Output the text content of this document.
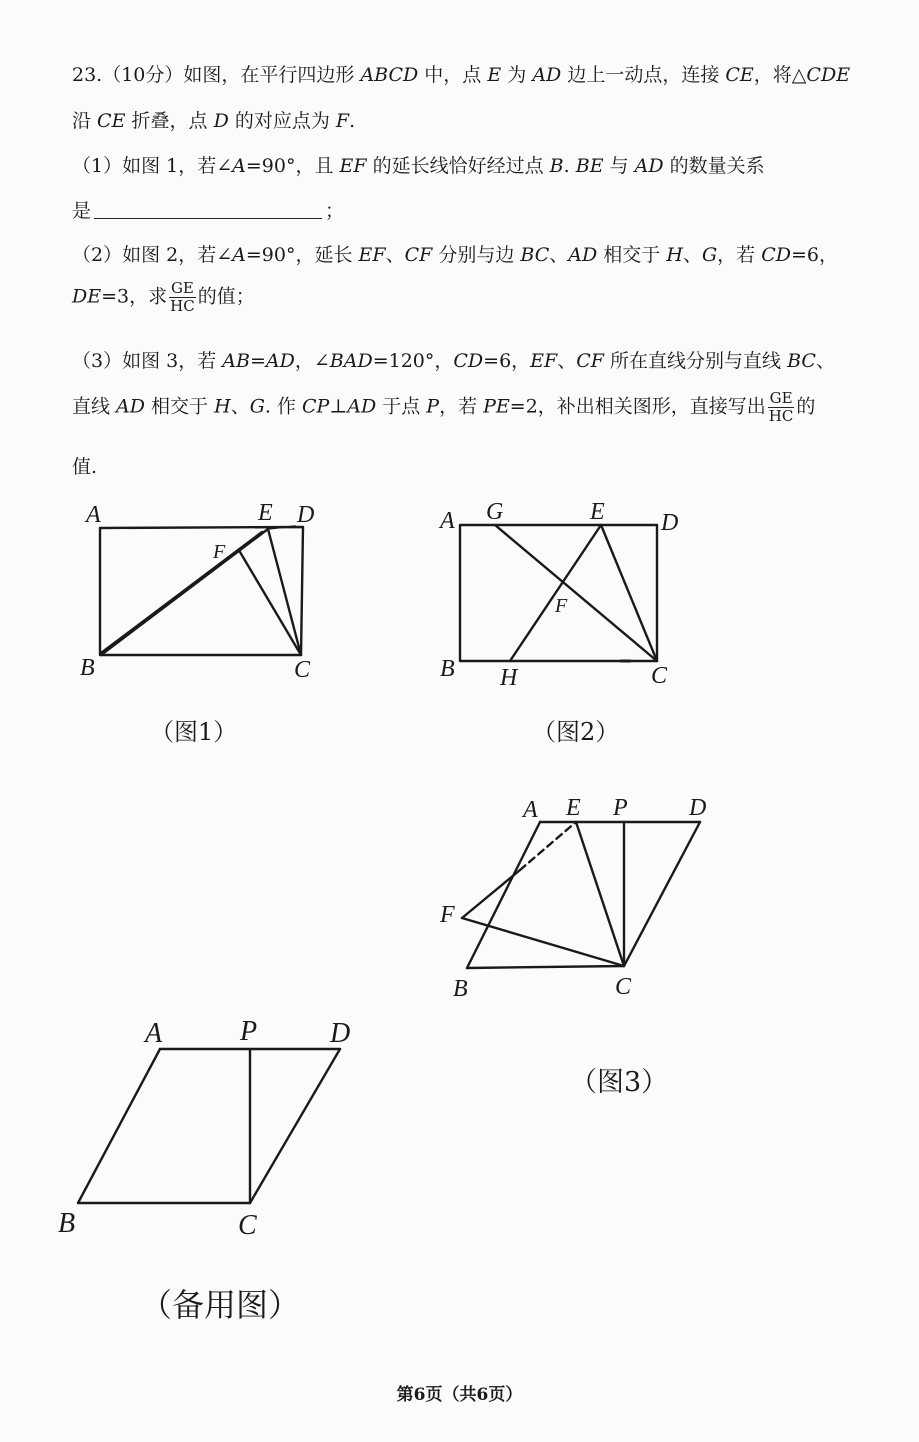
23.（10分）如图，在平行四边形 ABCD 中，点 E 为 AD 边上一动点，连接 CE，将△CDE
沿 CE 折叠，点 D 的对应点为 F.
（1）如图 1，若∠A=90°，且 EF 的延长线恰好经过点 B. BE 与 AD 的数量关系
是	；
（2）如图 2，若∠A=90°，延长 EF、CF 分别与边 BC、AD 相交于 H、G，若 CD=6，
DE=3，求 $\frac{GE}{HC}$ 的值；
（3）如图 3，若 AB=AD，∠BAD=120°，CD=6，EF、CF 所在直线分别与直线 BC、
直线 AD 相交于 H、G. 作 CP⊥AD 于点 P，若 PE=2，补出相关图形，直接写出 $\frac{GE}{HC}$ 的
值.
A	E D
F
B	C
A G	E D
F
B H	C
A E P	D
F
B	C
A	P	D
B	C
（图1）	（图2）
（图3）
（备用图）
第6页（共6页）
